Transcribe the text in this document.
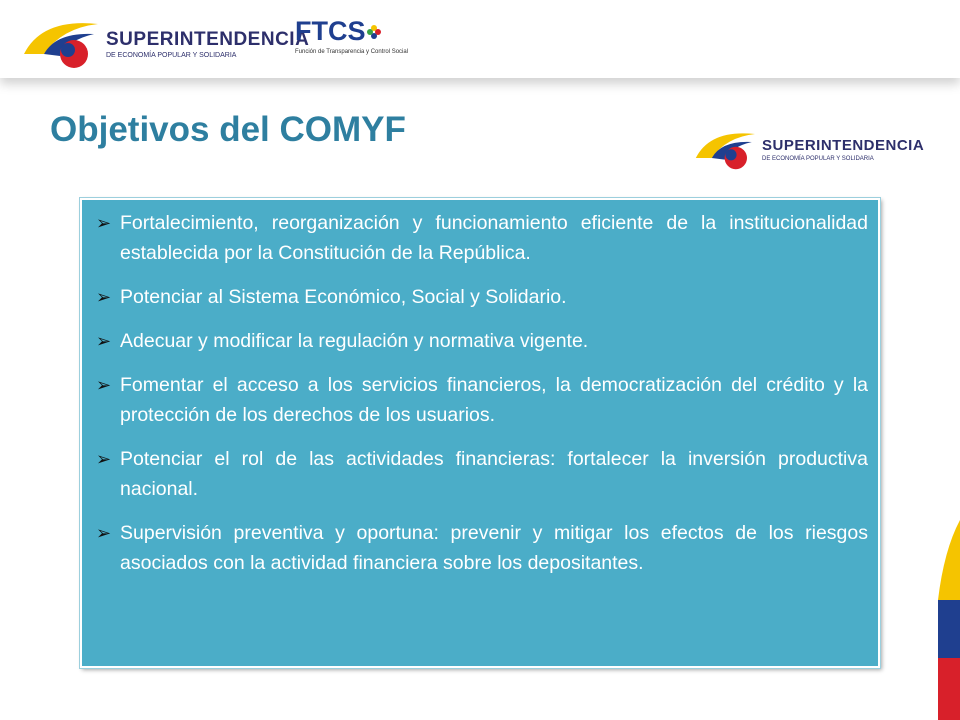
SUPERINTENDENCIA
DE ECONOMÍA POPULAR Y SOLIDARIA
FTCS
Función de Transparencia y Control Social
Objetivos del COMYF	SUPERINTENDENCIA
DE ECONOMÍA POPULAR Y SOLIDARIA
➢ Fortalecimiento, reorganización y funcionamiento eficiente de la institucionalidad establecida por la Constitución de la República.
➢ Potenciar al Sistema Económico, Social y Solidario.
➢ Adecuar y modificar la regulación y normativa vigente.
➢ Fomentar el acceso a los servicios financieros, la democratización del crédito y la protección de los derechos de los usuarios.
➢ Potenciar el rol de las actividades financieras: fortalecer la inversión productiva nacional.
➢ Supervisión preventiva y oportuna: prevenir y mitigar los efectos de los riesgos asociados con la actividad financiera sobre los depositantes.
